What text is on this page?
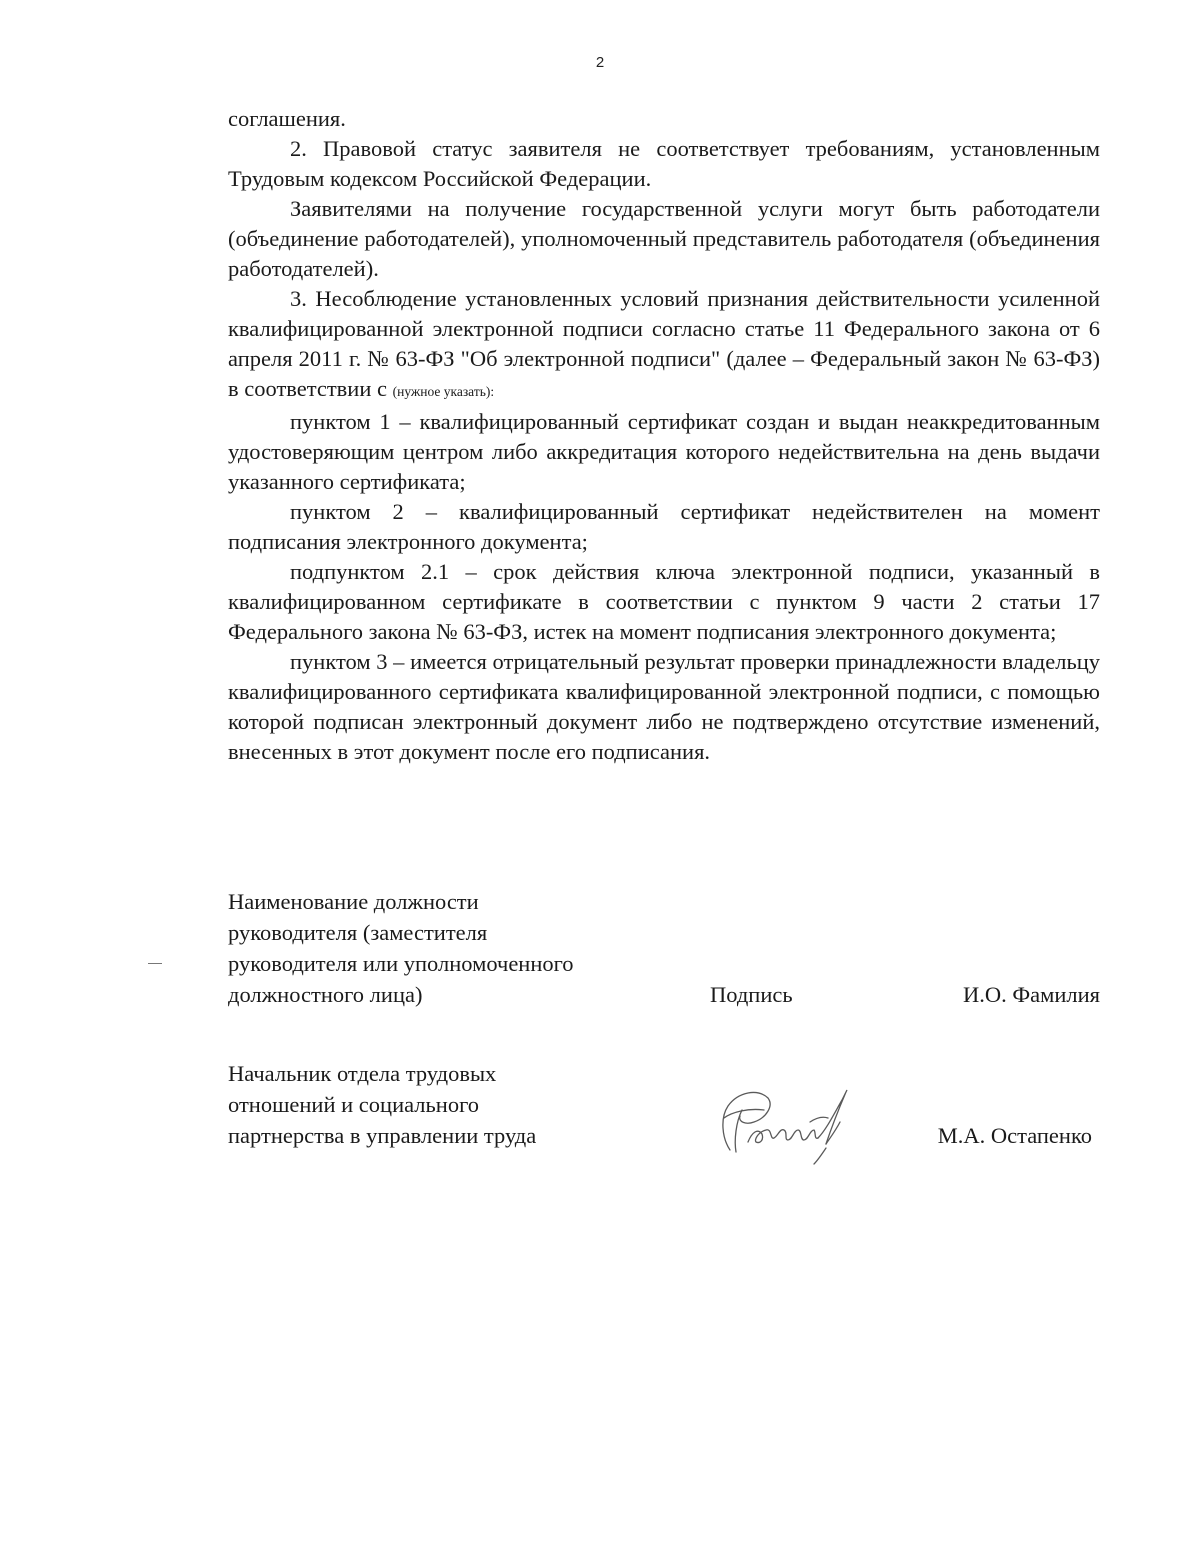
2

соглашения.

2. Правовой статус заявителя не соответствует требованиям, установленным Трудовым кодексом Российской Федерации.

Заявителями на получение государственной услуги могут быть работодатели (объединение работодателей), уполномоченный представитель работодателя (объединения работодателей).

3. Несоблюдение установленных условий признания действительности усиленной квалифицированной электронной подписи согласно статье 11 Федерального закона от 6 апреля 2011 г. № 63-ФЗ "Об электронной подписи" (далее – Федеральный закон № 63-ФЗ) в соответствии с (нужное указать):

пунктом 1 – квалифицированный сертификат создан и выдан неаккредитованным удостоверяющим центром либо аккредитация которого недействительна на день выдачи указанного сертификата;

пунктом 2 – квалифицированный сертификат недействителен на момент подписания электронного документа;

подпунктом 2.1 – срок действия ключа электронной подписи, указанный в квалифицированном сертификате в соответствии с пунктом 9 части 2 статьи 17 Федерального закона № 63-ФЗ, истек на момент подписания электронного документа;

пунктом 3 – имеется отрицательный результат проверки принадлежности владельцу квалифицированного сертификата квалифицированной электронной подписи, с помощью которой подписан электронный документ либо не подтверждено отсутствие изменений, внесенных в этот документ после его подписания.

Наименование должности
руководителя (заместителя
руководителя или уполномоченного
должностного лица)	Подпись	И.О. Фамилия
Начальник отдела трудовых
отношений и социального
партнерства в управлении труда	М.А. Остапенко
